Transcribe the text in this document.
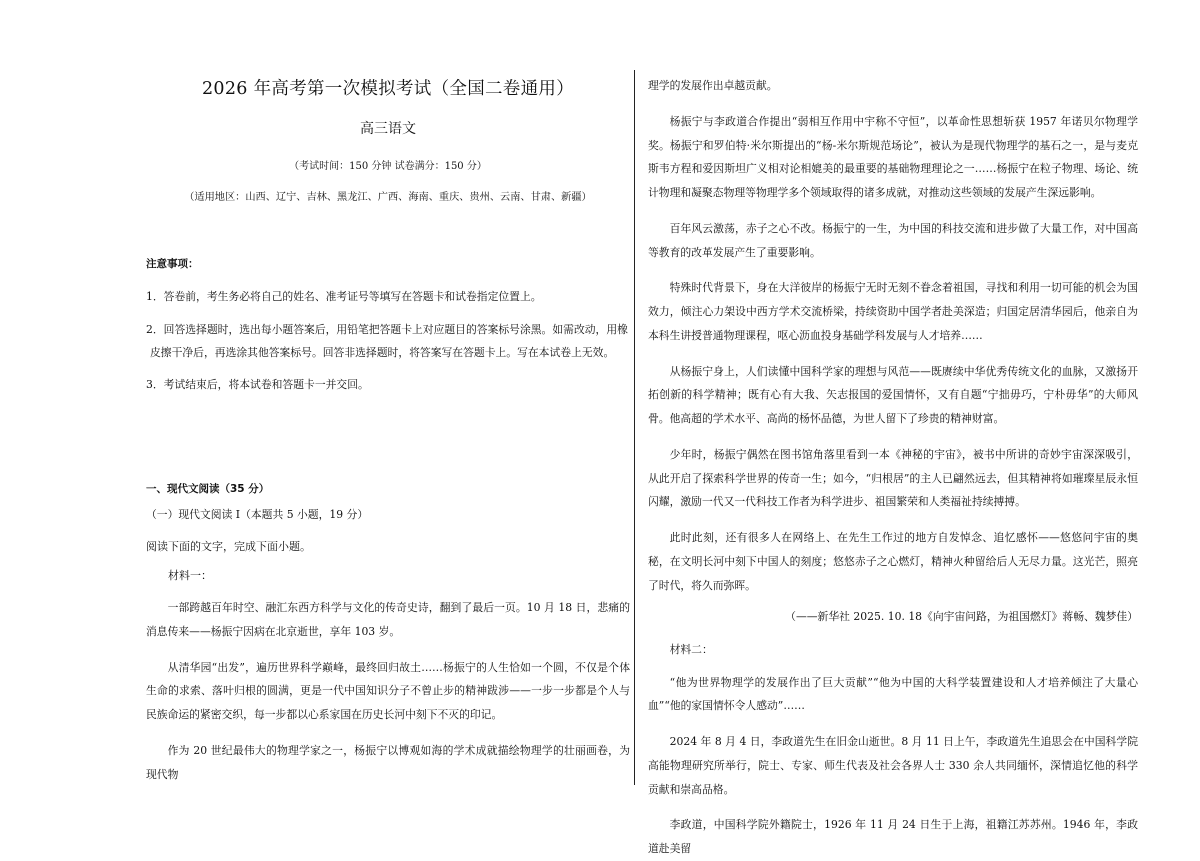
2026 年高考第一次模拟考试（全国二卷通用）
高三语文
（考试时间：150 分钟 试卷满分：150 分）
（适用地区：山西、辽宁、吉林、黑龙江、广西、海南、重庆、贵州、云南、甘肃、新疆）
注意事项：
1．答卷前，考生务必将自己的姓名、准考证号等填写在答题卡和试卷指定位置上。
2．回答选择题时，选出每小题答案后，用铅笔把答题卡上对应题目的答案标号涂黑。如需改动，用橡皮擦干净后，再选涂其他答案标号。回答非选择题时，将答案写在答题卡上。写在本试卷上无效。
3．考试结束后，将本试卷和答题卡一并交回。
一、现代文阅读（35 分）
（一）现代文阅读 I（本题共 5 小题，19 分）
阅读下面的文字，完成下面小题。
材料一：

一部跨越百年时空、融汇东西方科学与文化的传奇史诗，翻到了最后一页。10 月 18 日，悲痛的消息传来——杨振宁因病在北京逝世，享年 103 岁。

从清华园“出发”，遍历世界科学巅峰，最终回归故土……杨振宁的人生恰如一个圆，不仅是个体生命的求索、落叶归根的圆满，更是一代中国知识分子不曾止步的精神跋涉——一步一步都是个人与民族命运的紧密交织，每一步都以心系家国在历史长河中刻下不灭的印记。

作为 20 世纪最伟大的物理学家之一，杨振宁以博观如海的学术成就描绘物理学的壮丽画卷，为现代物

理学的发展作出卓越贡献。

杨振宁与李政道合作提出“弱相互作用中宇称不守恒”，以革命性思想斩获 1957 年诺贝尔物理学奖。杨振宁和罗伯特·米尔斯提出的“杨-米尔斯规范场论”，被认为是现代物理学的基石之一，是与麦克斯韦方程和爱因斯坦广义相对论相媲美的最重要的基础物理理论之一……杨振宁在粒子物理、场论、统计物理和凝聚态物理等物理学多个领域取得的诸多成就，对推动这些领域的发展产生深远影响。

百年风云激荡，赤子之心不改。杨振宁的一生，为中国的科技交流和进步做了大量工作，对中国高等教育的改革发展产生了重要影响。

特殊时代背景下，身在大洋彼岸的杨振宁无时无刻不眷念着祖国，寻找和利用一切可能的机会为国效力，倾注心力架设中西方学术交流桥梁，持续资助中国学者赴美深造；归国定居清华园后，他亲自为本科生讲授普通物理课程，呕心沥血投身基础学科发展与人才培养……

从杨振宁身上，人们读懂中国科学家的理想与风范——既赓续中华优秀传统文化的血脉，又激扬开拓创新的科学精神；既有心有大我、矢志报国的爱国情怀，又有自题“宁拙毋巧，宁朴毋华”的大师风骨。他高超的学术水平、高尚的杨怀品德，为世人留下了珍贵的精神财富。

少年时，杨振宁偶然在图书馆角落里看到一本《神秘的宇宙》，被书中所讲的奇妙宇宙深深吸引，从此开启了探索科学世界的传奇一生；如今，“归根居”的主人已翩然远去，但其精神将如璀璨星辰永恒闪耀，激励一代又一代科技工作者为科学进步、祖国繁荣和人类福祉持续搏搏。

此时此刻，还有很多人在网络上、在先生工作过的地方自发悼念、追忆感怀——悠悠问宇宙的奥秘，在文明长河中刻下中国人的刻度；悠悠赤子之心燃灯，精神火种留给后人无尽力量。这光芒，照亮了时代，将久而弥晖。

（——新华社 2025. 10. 18《向宇宙问路，为祖国燃灯》蒋畅、魏梦佳）

材料二：

“他为世界物理学的发展作出了巨大贡献”“他为中国的大科学装置建设和人才培养倾注了大量心血”“他的家国情怀令人感动”……

2024 年 8 月 4 日，李政道先生在旧金山逝世。8 月 11 日上午，李政道先生追思会在中国科学院高能物理研究所举行，院士、专家、师生代表及社会各界人士 330 余人共同缅怀，深情追忆他的科学贡献和崇高品格。

李政道，中国科学院外籍院士，1926 年 11 月 24 日生于上海，祖籍江苏苏州。1946 年，李政道赴美留
